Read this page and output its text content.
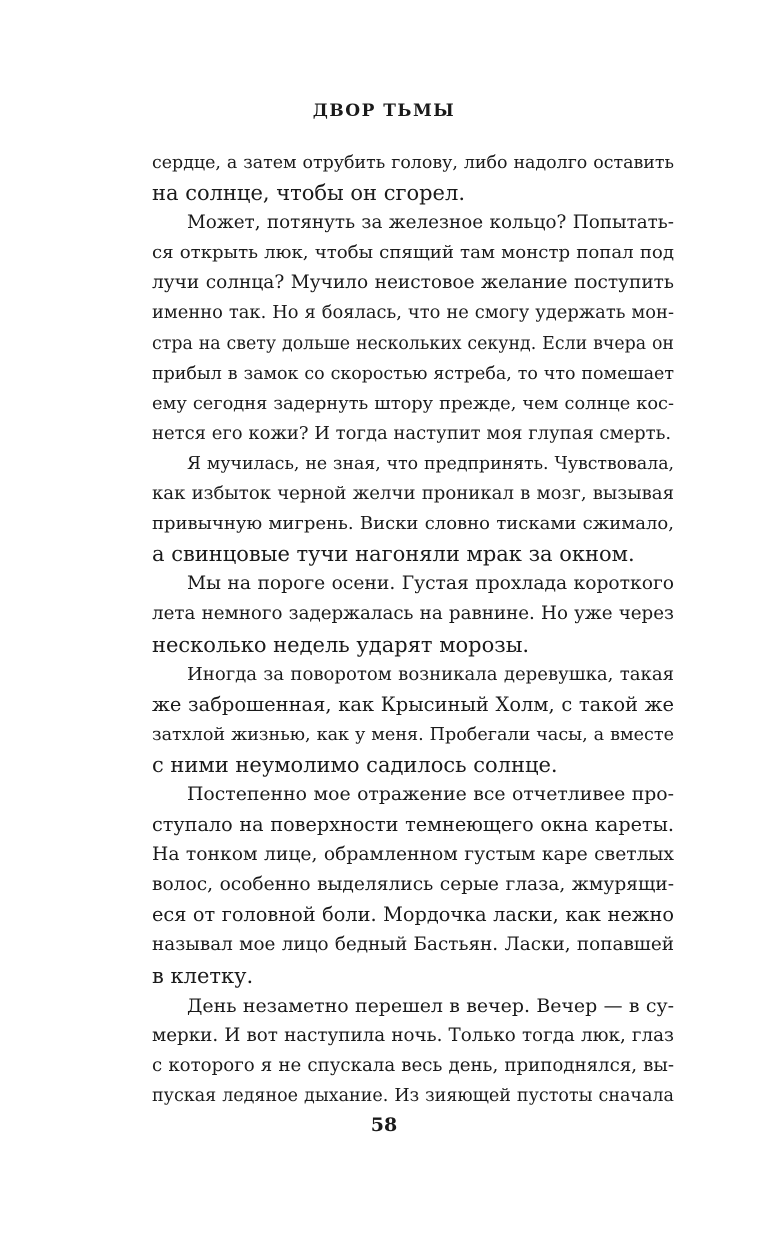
ДВОР ТЬМЫ
сердце, а затем отрубить голову, либо надолго оставить
на солнце, чтобы он сгорел.
Может, потянуть за железное кольцо? Попытать-
ся открыть люк, чтобы спящий там монстр попал под
лучи солнца? Мучило неистовое желание поступить
именно так. Но я боялась, что не смогу удержать мон-
стра на свету дольше нескольких секунд. Если вчера он
прибыл в замок со скоростью ястреба, то что помешает
ему сегодня задернуть штору прежде, чем солнце кос-
нется его кожи? И тогда наступит моя глупая смерть.
Я мучилась, не зная, что предпринять. Чувствовала,
как избыток черной желчи проникал в мозг, вызывая
привычную мигрень. Виски словно тисками сжимало,
а свинцовые тучи нагоняли мрак за окном.
Мы на пороге осени. Густая прохлада короткого
лета немного задержалась на равнине. Но уже через
несколько недель ударят морозы.
Иногда за поворотом возникала деревушка, такая
же заброшенная, как Крысиный Холм, с такой же
затхлой жизнью, как у меня. Пробегали часы, а вместе
с ними неумолимо садилось солнце.
Постепенно мое отражение все отчетливее про-
ступало на поверхности темнеющего окна кареты.
На тонком лице, обрамленном густым каре светлых
волос, особенно выделялись серые глаза, жмурящи-
еся от головной боли. Мордочка ласки, как нежно
называл мое лицо бедный Бастьян. Ласки, попавшей
в клетку.
День незаметно перешел в вечер. Вечер — в су-
мерки. И вот наступила ночь. Только тогда люк, глаз
с которого я не спускала весь день, приподнялся, вы-
пуская ледяное дыхание. Из зияющей пустоты сначала
58
